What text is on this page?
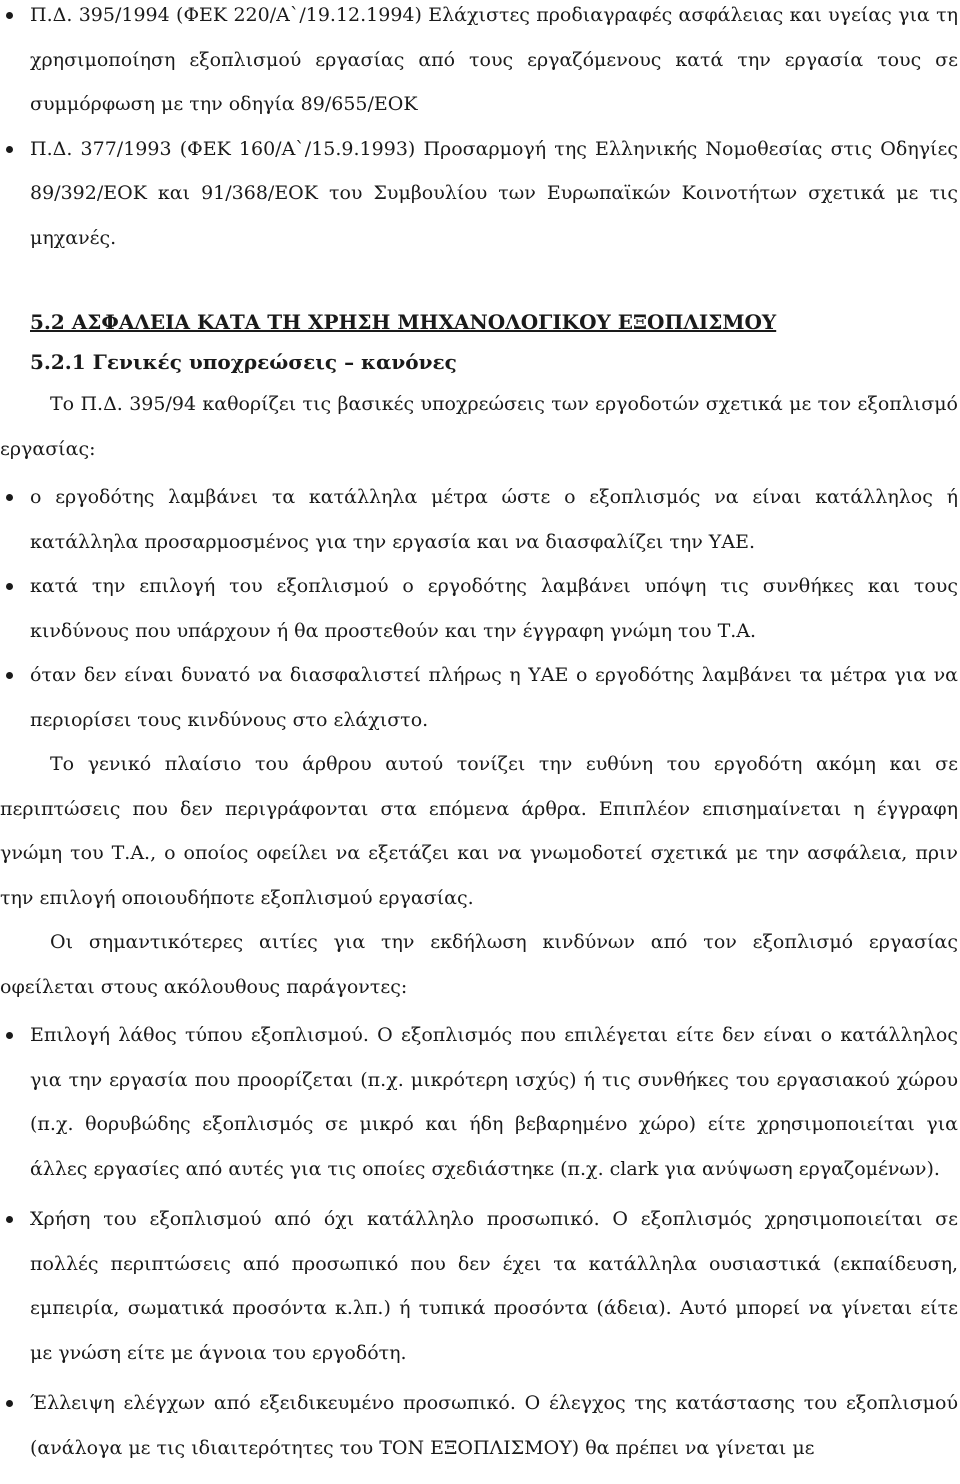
Π.Δ. 395/1994 (ΦΕΚ 220/Α`/19.12.1994) Ελάχιστες προδιαγραφές ασφάλειας και υγείας για τη χρησιμοποίηση εξοπλισμού εργασίας από τους εργαζόμενους κατά την εργασία τους σε συμμόρφωση με την οδηγία 89/655/ΕΟΚ
Π.Δ. 377/1993 (ΦΕΚ 160/Α`/15.9.1993) Προσαρμογή της Ελληνικής Νομοθεσίας στις Οδηγίες 89/392/ΕΟΚ και 91/368/ΕΟΚ του Συμβουλίου των Ευρωπαϊκών Κοινοτήτων σχετικά με τις μηχανές.
5.2 ΑΣΦΑΛΕΙΑ ΚΑΤΑ ΤΗ ΧΡΗΣΗ ΜΗΧΑΝΟΛΟΓΙΚΟΥ ΕΞΟΠΛΙΣΜΟΥ
5.2.1 Γενικές υποχρεώσεις – κανόνες

Το Π.Δ. 395/94 καθορίζει τις βασικές υποχρεώσεις των εργοδοτών σχετικά με τον εξοπλισμό εργασίας:

ο εργοδότης λαμβάνει τα κατάλληλα μέτρα ώστε ο εξοπλισμός να είναι κατάλληλος ή κατάλληλα προσαρμοσμένος για την εργασία και να διασφαλίζει την ΥΑΕ.
κατά την επιλογή του εξοπλισμού ο εργοδότης λαμβάνει υπόψη τις συνθήκες και τους κινδύνους που υπάρχουν ή θα προστεθούν και την έγγραφη γνώμη του Τ.Α.
όταν δεν είναι δυνατό να διασφαλιστεί πλήρως η ΥΑΕ ο εργοδότης λαμβάνει τα μέτρα για να περιορίσει τους κινδύνους στο ελάχιστο.

Το γενικό πλαίσιο του άρθρου αυτού τονίζει την ευθύνη του εργοδότη ακόμη και σε περιπτώσεις που δεν περιγράφονται στα επόμενα άρθρα. Επιπλέον επισημαίνεται η έγγραφη γνώμη του Τ.Α., ο οποίος οφείλει να εξετάζει και να γνωμοδοτεί σχετικά με την ασφάλεια, πριν την επιλογή οποιουδήποτε εξοπλισμού εργασίας.

Οι σημαντικότερες αιτίες για την εκδήλωση κινδύνων από τον εξοπλισμό εργασίας οφείλεται στους ακόλουθους παράγοντες:

Επιλογή λάθος τύπου εξοπλισμού. Ο εξοπλισμός που επιλέγεται είτε δεν είναι ο κατάλληλος για την εργασία που προορίζεται (π.χ. μικρότερη ισχύς) ή τις συνθήκες του εργασιακού χώρου (π.χ. θορυβώδης εξοπλισμός σε μικρό και ήδη βεβαρημένο χώρο) είτε χρησιμοποιείται για άλλες εργασίες από αυτές για τις οποίες σχεδιάστηκε (π.χ. clark για ανύψωση εργαζομένων).
Χρήση του εξοπλισμού από όχι κατάλληλο προσωπικό. Ο εξοπλισμός χρησιμοποιείται σε πολλές περιπτώσεις από προσωπικό που δεν έχει τα κατάλληλα ουσιαστικά (εκπαίδευση, εμπειρία, σωματικά προσόντα κ.λπ.) ή τυπικά προσόντα (άδεια). Αυτό μπορεί να γίνεται είτε με γνώση είτε με άγνοια του εργοδότη.
Έλλειψη ελέγχων από εξειδικευμένο προσωπικό. Ο έλεγχος της κατάστασης του εξοπλισμού (ανάλογα με τις ιδιαιτερότητες του ΤΟΝ ΕΞΟΠΛΙΣΜΟΥ) θα πρέπει να γίνεται με
